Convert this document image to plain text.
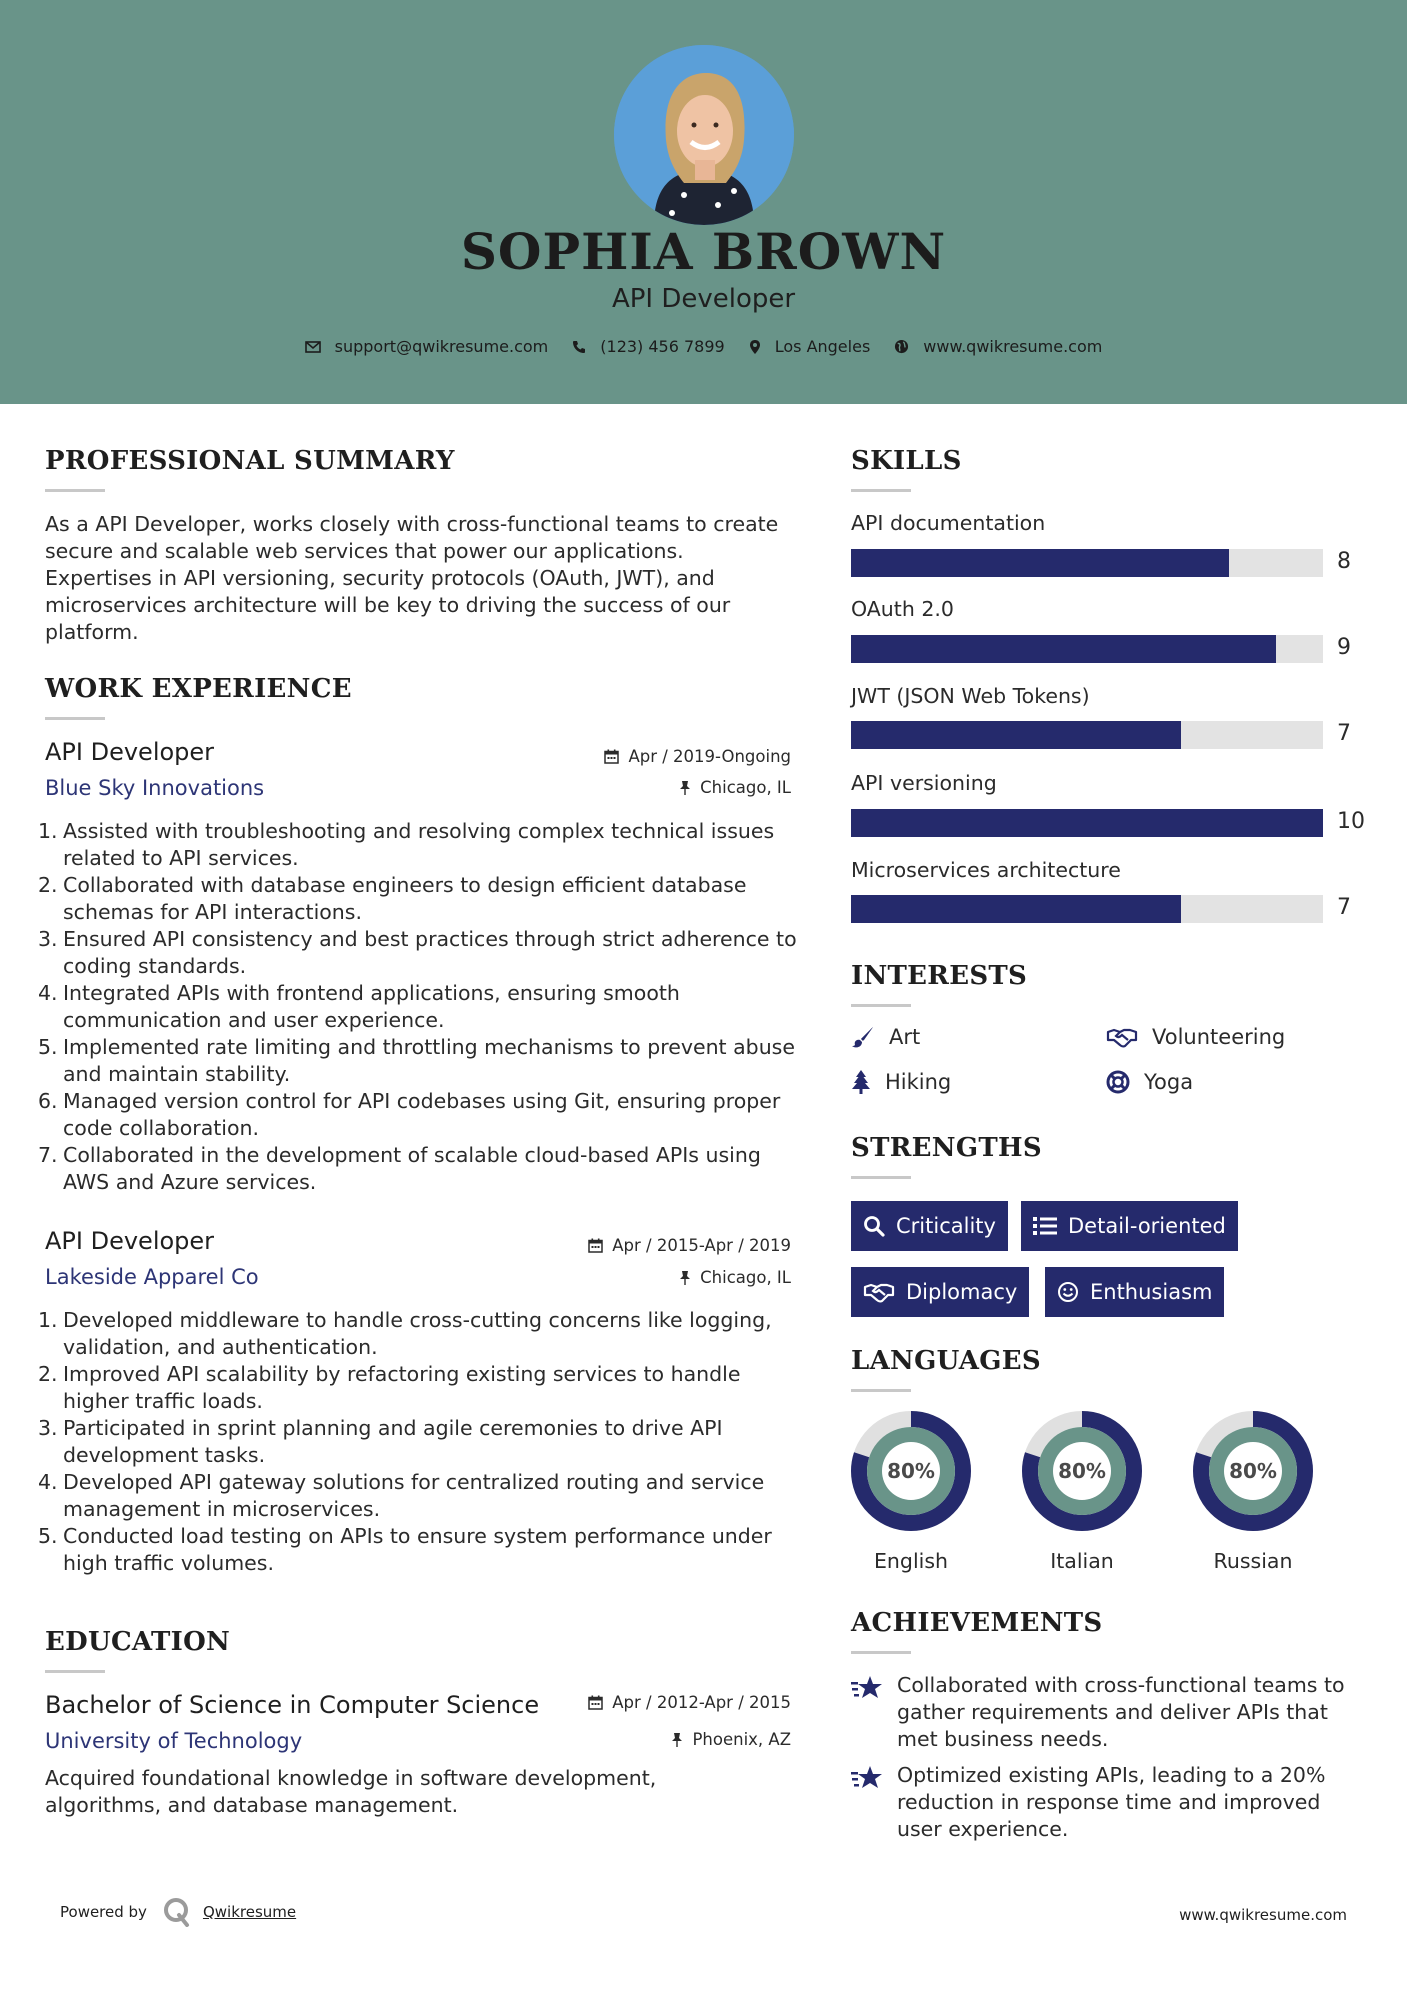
SOPHIA BROWN
API Developer
support@qwikresume.com	(123) 456 7899	Los Angeles	www.qwikresume.com
PROFESSIONAL SUMMARY
As a API Developer, works closely with cross-functional teams to create secure and scalable web services that power our applications. Expertises in API versioning, security protocols (OAuth, JWT), and microservices architecture will be key to driving the success of our platform.
WORK EXPERIENCE
API Developer	Apr / 2019-Ongoing
Blue Sky Innovations	Chicago, IL
1. Assisted with troubleshooting and resolving complex technical issues related to API services.
2. Collaborated with database engineers to design efficient database schemas for API interactions.
3. Ensured API consistency and best practices through strict adherence to coding standards.
4. Integrated APIs with frontend applications, ensuring smooth communication and user experience.
5. Implemented rate limiting and throttling mechanisms to prevent abuse and maintain stability.
6. Managed version control for API codebases using Git, ensuring proper code collaboration.
7. Collaborated in the development of scalable cloud-based APIs using AWS and Azure services.
API Developer	Apr / 2015-Apr / 2019
Lakeside Apparel Co	Chicago, IL
1. Developed middleware to handle cross-cutting concerns like logging, validation, and authentication.
2. Improved API scalability by refactoring existing services to handle higher traffic loads.
3. Participated in sprint planning and agile ceremonies to drive API development tasks.
4. Developed API gateway solutions for centralized routing and service management in microservices.
5. Conducted load testing on APIs to ensure system performance under high traffic volumes.
EDUCATION
Bachelor of Science in Computer Science	Apr / 2012-Apr / 2015
University of Technology	Phoenix, AZ
Acquired foundational knowledge in software development, algorithms, and database management.
SKILLS
API documentation
8
OAuth 2.0
9
JWT (JSON Web Tokens)
7
API versioning
10
Microservices architecture
7
INTERESTS
Art	Volunteering
Hiking	Yoga
STRENGTHS
Criticality	Detail-oriented
Diplomacy	Enthusiasm
LANGUAGES
80%
English
80%
Italian
80%
Russian
ACHIEVEMENTS
Collaborated with cross-functional teams to gather requirements and deliver APIs that met business needs.
Optimized existing APIs, leading to a 20% reduction in response time and improved user experience.
Powered by	Qwikresume	www.qwikresume.com
